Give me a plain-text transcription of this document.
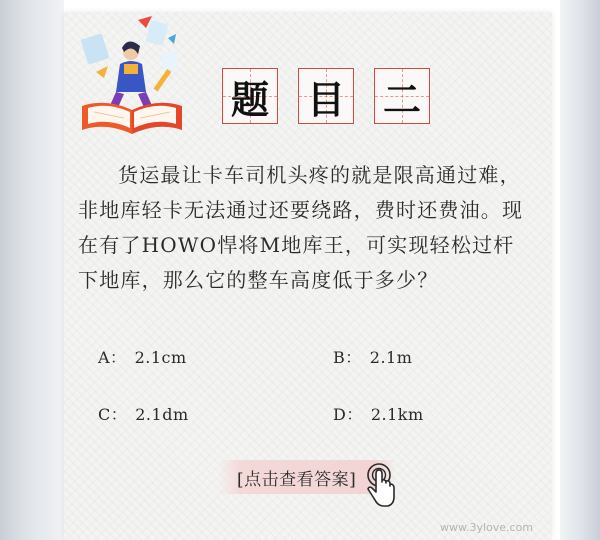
题 目 二

货运最让卡车司机头疼的就是限高通过难，非地库轻卡无法通过还要绕路，费时还费油。现在有了HOWO悍将M地库王，可实现轻松过杆下地库，那么它的整车高度低于多少？

A： 2.1cm	B： 2.1m
C： 2.1dm	D： 2.1km
[点击查看答案]
www.3ylove.com
